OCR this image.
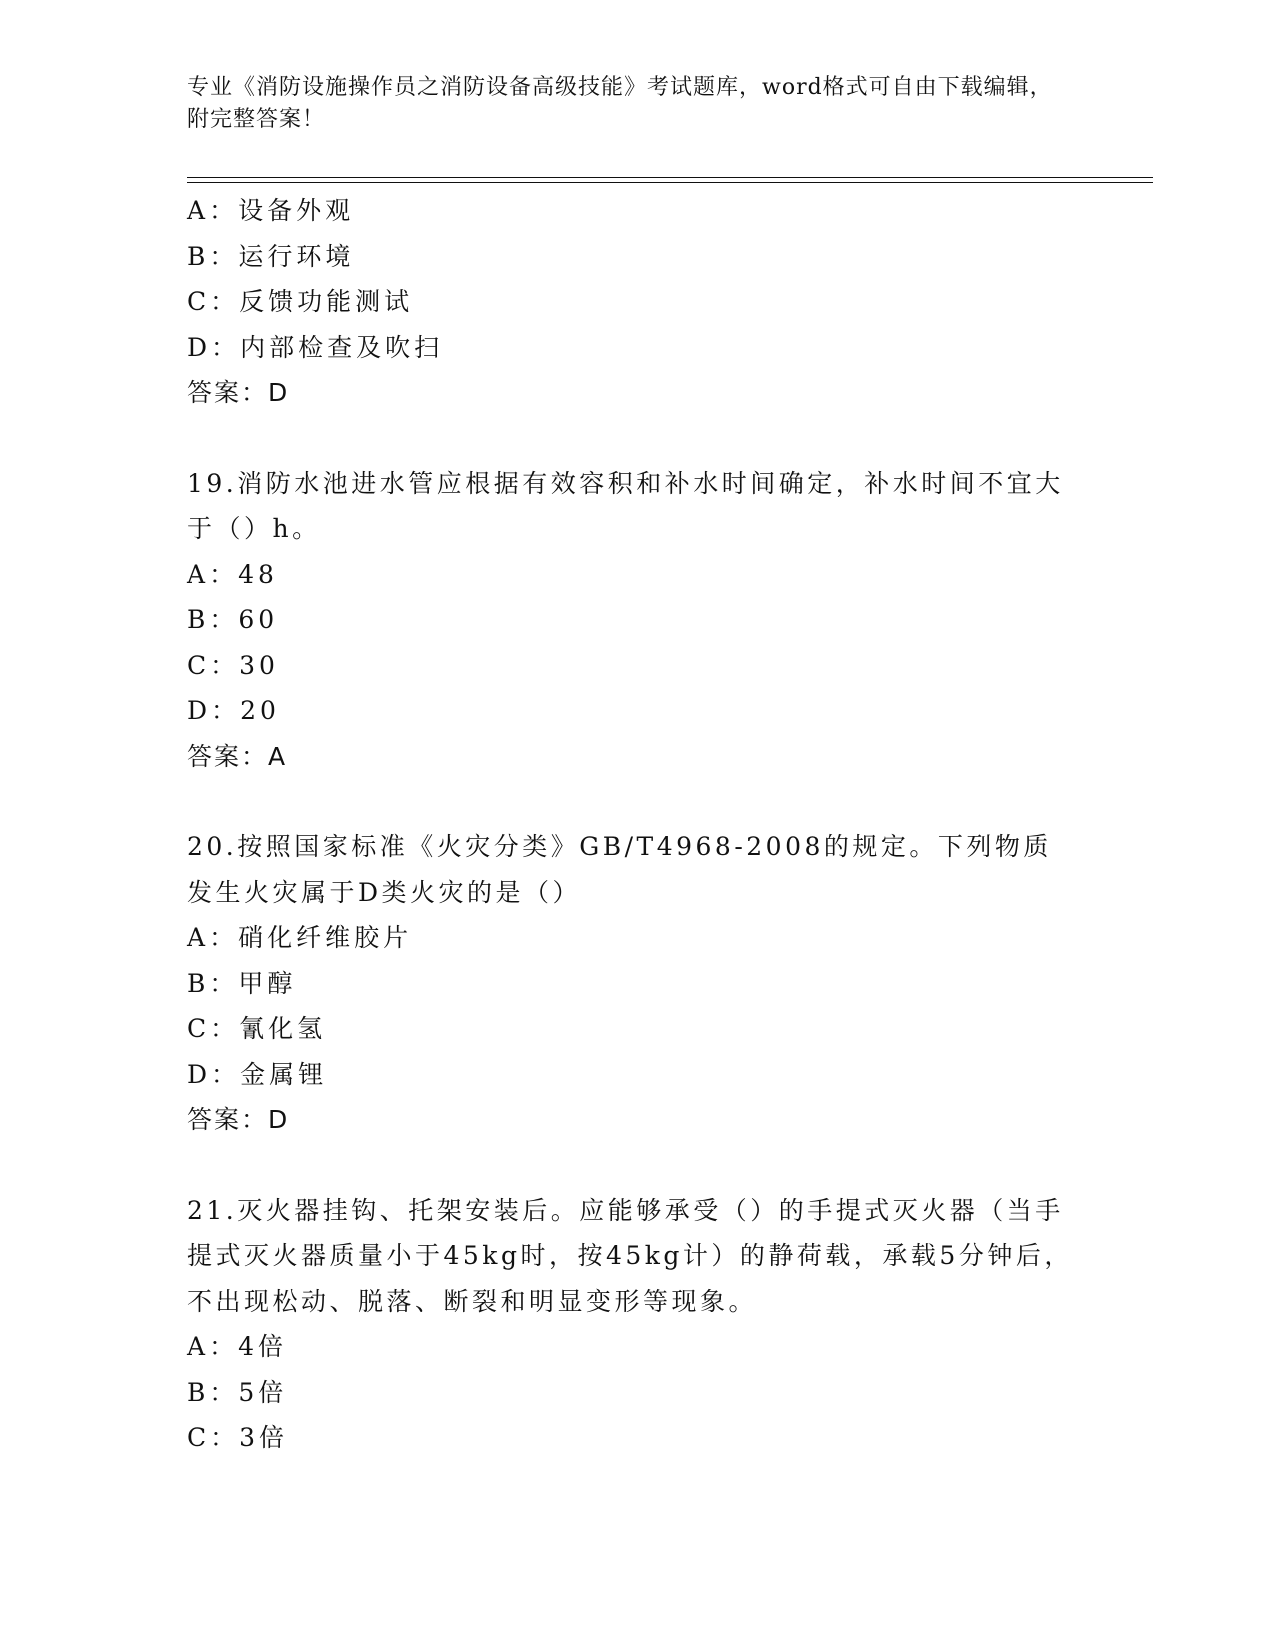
专业《消防设施操作员之消防设备高级技能》考试题库，word格式可自由下载编辑，附完整答案！
A：设备外观
B：运行环境
C：反馈功能测试
D：内部检查及吹扫
答案：D
19.消防水池进水管应根据有效容积和补水时间确定，补水时间不宜大于（）h。
A：48
B：60
C：30
D：20
答案：A
20.按照国家标准《火灾分类》GB/T4968-2008的规定。下列物质发生火灾属于D类火灾的是（）
A：硝化纤维胶片
B：甲醇
C：氰化氢
D：金属锂
答案：D
21.灭火器挂钩、托架安装后。应能够承受（）的手提式灭火器（当手提式灭火器质量小于45kg时，按45kg计）的静荷载，承载5分钟后，不出现松动、脱落、断裂和明显变形等现象。
A：4倍
B：5倍
C：3倍
